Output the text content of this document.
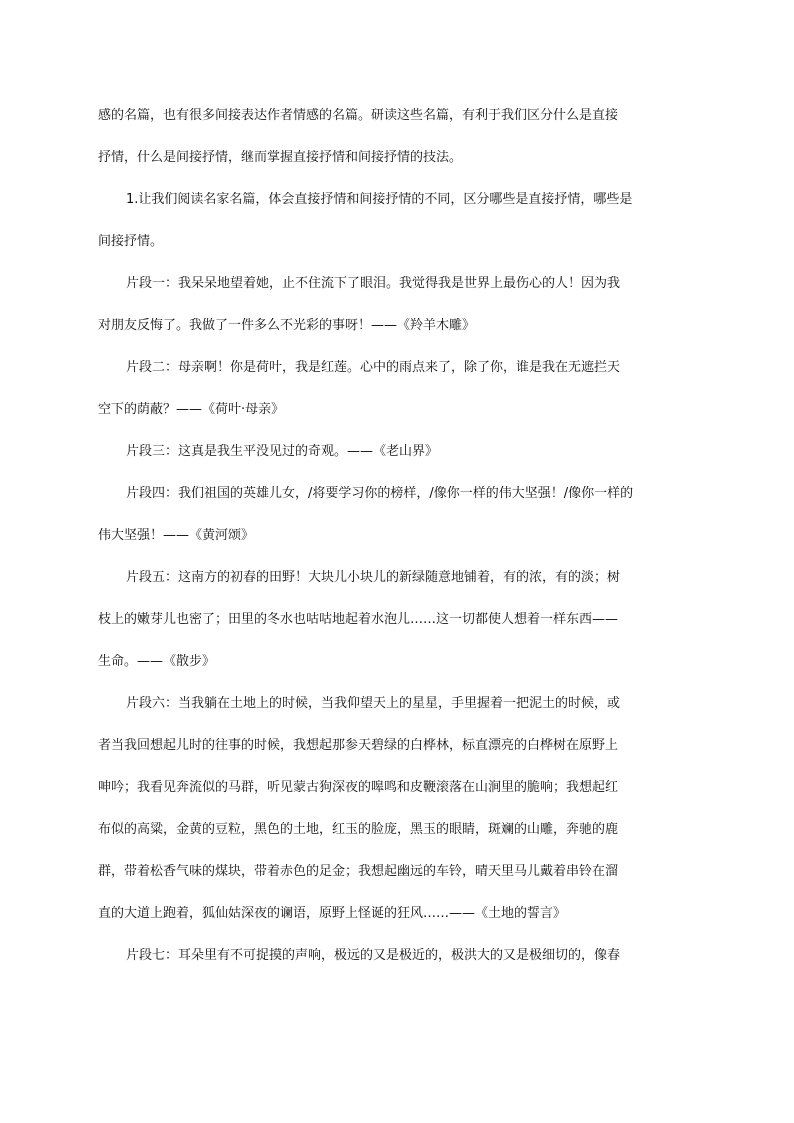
感的名篇，也有很多间接表达作者情感的名篇。研读这些名篇，有利于我们区分什么是直接
抒情，什么是间接抒情，继而掌握直接抒情和间接抒情的技法。
1.让我们阅读名家名篇，体会直接抒情和间接抒情的不同，区分哪些是直接抒情，哪些是
间接抒情。
片段一：我呆呆地望着她，止不住流下了眼泪。我觉得我是世界上最伤心的人！因为我
对朋友反悔了。我做了一件多么不光彩的事呀！——《羚羊木雕》
片段二：母亲啊！你是荷叶，我是红莲。心中的雨点来了，除了你，谁是我在无遮拦天
空下的荫蔽？——《荷叶·母亲》
片段三：这真是我生平没见过的奇观。——《老山界》
片段四：我们祖国的英雄儿女，/将要学习你的榜样，/像你一样的伟大坚强！/像你一样的
伟大坚强！——《黄河颂》
片段五：这南方的初春的田野！大块儿小块儿的新绿随意地铺着，有的浓，有的淡；树
枝上的嫩芽儿也密了；田里的冬水也咕咕地起着水泡儿……这一切都使人想着一样东西——
生命。——《散步》
片段六：当我躺在土地上的时候，当我仰望天上的星星，手里握着一把泥土的时候，或
者当我回想起儿时的往事的时候，我想起那参天碧绿的白桦林，标直漂亮的白桦树在原野上
呻吟；我看见奔流似的马群，听见蒙古狗深夜的嗥鸣和皮鞭滚落在山涧里的脆响；我想起红
布似的高粱，金黄的豆粒，黑色的土地，红玉的脸庞，黑玉的眼睛，斑斓的山雕，奔驰的鹿
群，带着松香气味的煤块，带着赤色的足金；我想起幽远的车铃，晴天里马儿戴着串铃在溜
直的大道上跑着，狐仙姑深夜的谰语，原野上怪诞的狂风……——《土地的誓言》
片段七：耳朵里有不可捉摸的声响，极远的又是极近的，极洪大的又是极细切的，像春
